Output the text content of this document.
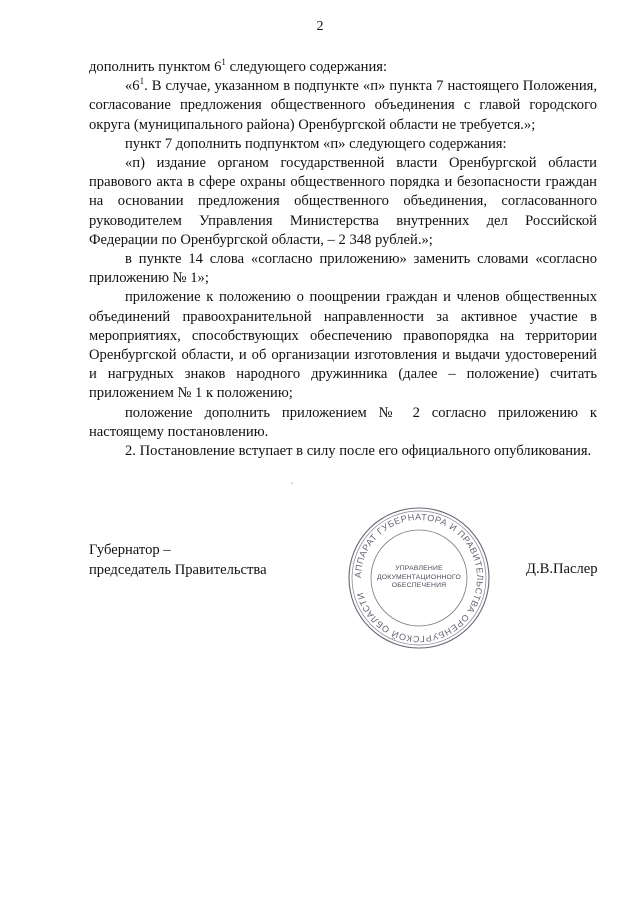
2

дополнить пунктом $6^1$ следующего содержания:

«$6^1$. В случае, указанном в подпункте «п» пункта 7 настоящего Положения, согласование предложения общественного объединения с главой городского округа (муниципального района) Оренбургской области не требуется.»;

пункт 7 дополнить подпунктом «п» следующего содержания:

«п) издание органом государственной власти Оренбургской области правового акта в сфере охраны общественного порядка и безопасности граждан на основании предложения общественного объединения, согласованного руководителем Управления Министерства внутренних дел Российской Федерации по Оренбургской области, – 2 348 рублей.»;

в пункте 14 слова «согласно приложению» заменить словами «согласно приложению № 1»;

приложение к положению о поощрении граждан и членов общественных объединений правоохранительной направленности за активное участие в мероприятиях, способствующих обеспечению правопорядка на территории Оренбургской области, и об организации изготовления и выдачи удостоверений и нагрудных знаков народного дружинника (далее – положение) считать приложением № 1 к положению;

положение дополнить приложением № 2 согласно приложению к настоящему постановлению.

2. Постановление вступает в силу после его официального опубликования.

Губернатор –
председатель Правительства	АППАРАТ ГУБЕРНАТОРА И ПРАВИТЕЛЬСТВА ОРЕНБУРГСКОЙ ОБЛАСТИ
УПРАВЛЕНИЕ
ДОКУМЕНТАЦИОННОГО
ОБЕСПЕЧЕНИЯ
Д.В.Паслер
